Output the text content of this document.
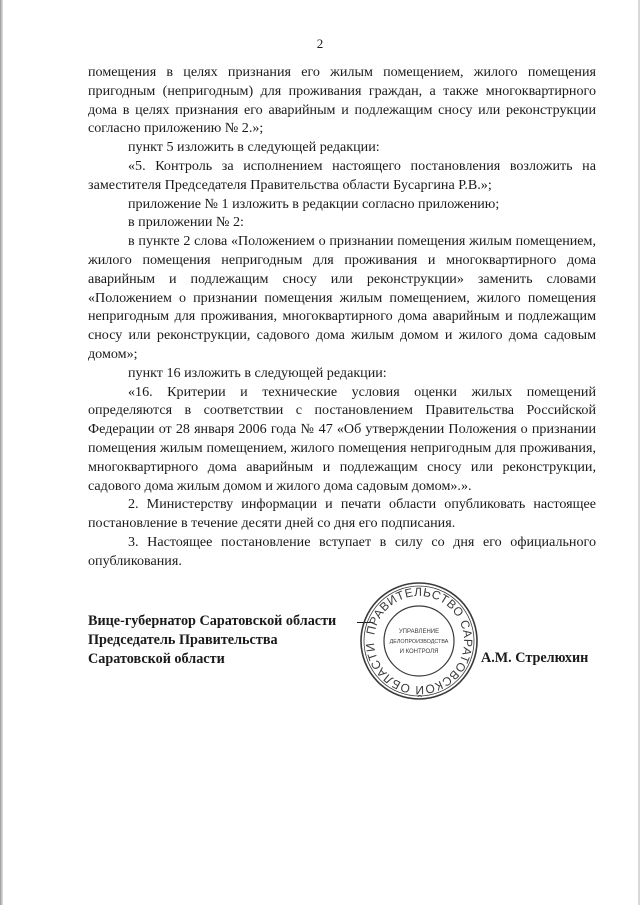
2

помещения в целях признания его жилым помещением, жилого помещения пригодным (непригодным) для проживания граждан, а также многоквартирного дома в целях признания его аварийным и подлежащим сносу или реконструкции согласно приложению № 2.»;

пункт 5 изложить в следующей редакции:

«5. Контроль за исполнением настоящего постановления возложить на заместителя Председателя Правительства области Бусаргина Р.В.»;

приложение № 1 изложить в редакции согласно приложению;

в приложении № 2:

в пункте 2 слова «Положением о признании помещения жилым помещением, жилого помещения непригодным для проживания и многоквартирного дома аварийным и подлежащим сносу или реконструкции» заменить словами «Положением о признании помещения жилым помещением, жилого помещения непригодным для проживания, многоквартирного дома аварийным и подлежащим сносу или реконструкции, садового дома жилым домом и жилого дома садовым домом»;

пункт 16 изложить в следующей редакции:

«16. Критерии и технические условия оценки жилых помещений определяются в соответствии с постановлением Правительства Российской Федерации от 28 января 2006 года № 47 «Об утверждении Положения о признании помещения жилым помещением, жилого помещения непригодным для проживания, многоквартирного дома аварийным и подлежащим сносу или реконструкции, садового дома жилым домом и жилого дома садовым домом».».

2. Министерству информации и печати области опубликовать настоящее постановление в течение десяти дней со дня его подписания.

3. Настоящее постановление вступает в силу со дня его официального опубликования.

Вице-губернатор Саратовской области
Председатель Правительства
Саратовской области
ПРАВИТЕЛЬСТВО САРАТОВСКОЙ ОБЛАСТИ
УПРАВЛЕНИЕ
ДЕЛОПРОИЗВОДСТВА
И КОНТРОЛЯ	А.М. Стрелюхин
